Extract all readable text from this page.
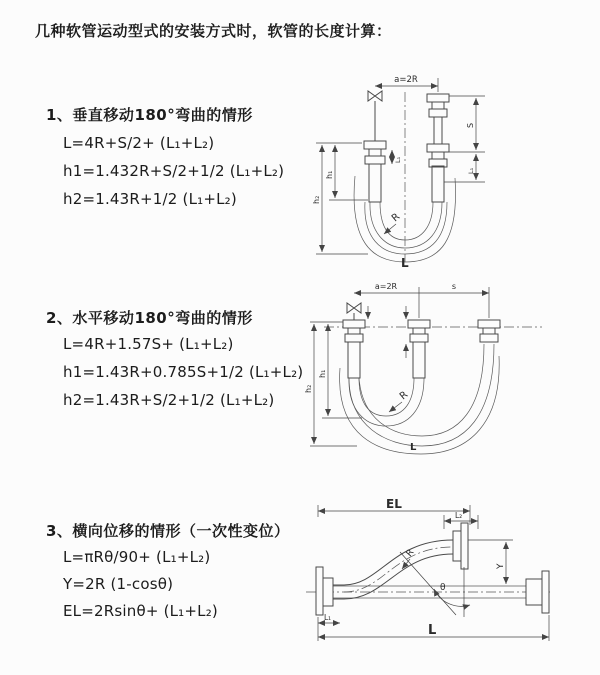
几种软管运动型式的安装方式时，软管的长度计算：
1、垂直移动180°弯曲的情形
L=4R+S/2+ (L₁+L₂)
h1=1.432R+S/2+1/2 (L₁+L₂)
h2=1.43R+1/2 (L₁+L₂)
2、水平移动180°弯曲的情形
L=4R+1.57S+ (L₁+L₂)
h1=1.43R+0.785S+1/2 (L₁+L₂)
h2=1.43R+S/2+1/2 (L₁+L₂)
3、横向位移的情形（一次性变位）
L=πRθ/90+ (L₁+L₂)
Y=2R (1-cosθ)
EL=2Rsinθ+ (L₁+L₂)
a=2R
h₂
h₁
L₁
S
L₁
R
L
a=2R	s
h₁
h₂
R
L
EL
L₂
Y
θ
R
L₁
L
